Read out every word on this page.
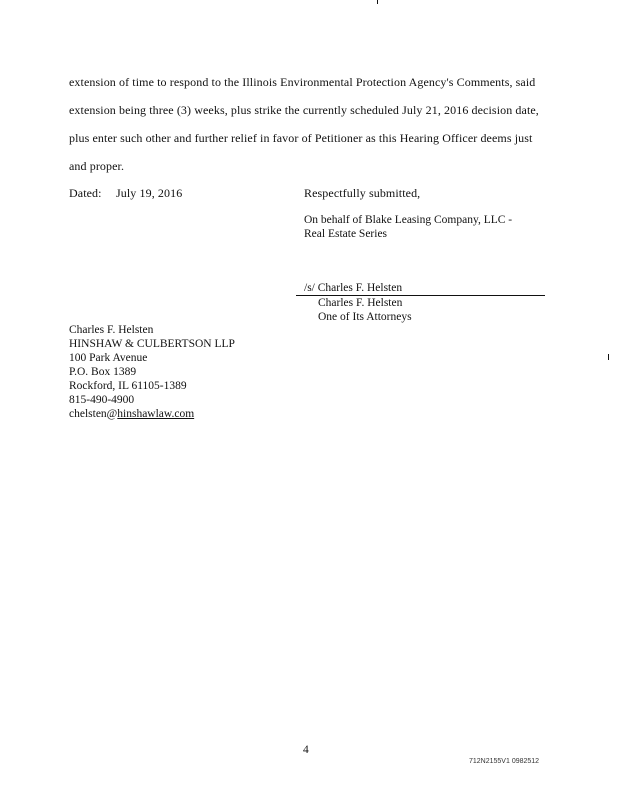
extension of time to respond to the Illinois Environmental Protection Agency's Comments, said
extension being three (3) weeks, plus strike the currently scheduled July 21, 2016 decision date,
plus enter such other and further relief in favor of Petitioner as this Hearing Officer deems just
and proper.
Dated: July 19, 2016	Respectfully submitted,
On behalf of Blake Leasing Company, LLC -
Real Estate Series
/s/ Charles F. Helsten
Charles F. Helsten
One of Its Attorneys
Charles F. Helsten
HINSHAW & CULBERTSON LLP
100 Park Avenue
P.O. Box 1389
Rockford, IL 61105-1389
815-490-4900
chelsten@hinshawlaw.com
4
712N2155V1 0982512
